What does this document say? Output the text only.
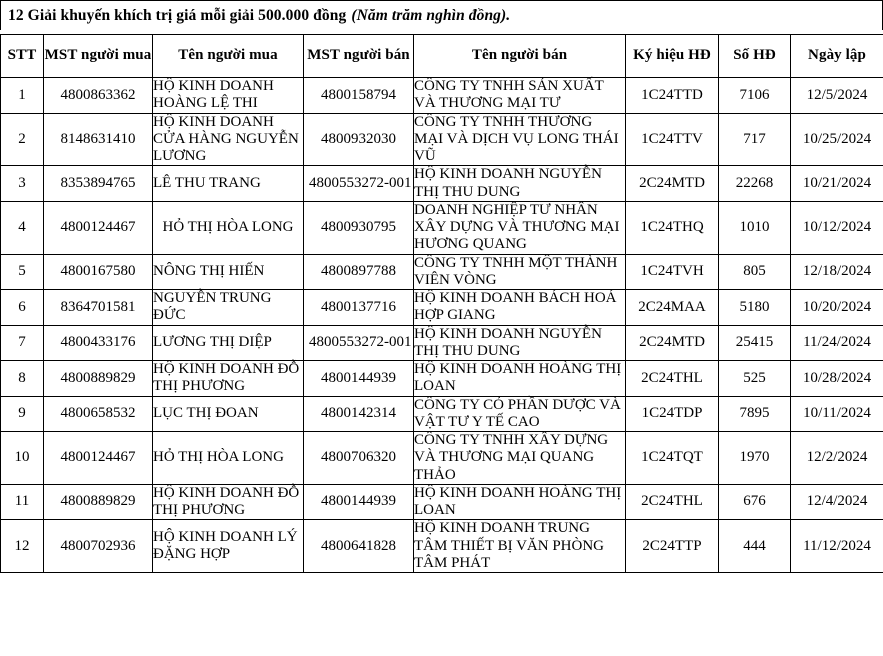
12 Giải khuyến khích trị giá mỗi giải 500.000 đồng (Năm trăm nghìn đồng).
STT	MST người mua	Tên người mua	MST người bán	Tên người bán	Ký hiệu HĐ	Số HĐ	Ngày lập
1	4800863362	HỘ KINH DOANH HOÀNG LỆ THI	4800158794	CÔNG TY TNHH SẢN XUẤT VÀ THƯƠNG MẠI TƯ	1C24TTD	7106	12/5/2024
2	8148631410	HỘ KINH DOANH CỬA HÀNG NGUYỄN LƯƠNG	4800932030	CÔNG TY TNHH THƯƠNG MẠI VÀ DỊCH VỤ LONG THÁI VŨ	1C24TTV	717	10/25/2024
3	8353894765	LÊ THU TRANG	4800553272-001	HỘ KINH DOANH NGUYỄN THỊ THU DUNG	2C24MTD	22268	10/21/2024
4	4800124467	HỎ THỊ HÒA LONG	4800930795	DOANH NGHIỆP TƯ NHÂN XÂY DỰNG VÀ THƯƠNG MẠI HƯƠNG QUANG	1C24THQ	1010	10/12/2024
5	4800167580	NÔNG THỊ HIẾN	4800897788	CÔNG TY TNHH MỘT THÀNH VIÊN VÒNG	1C24TVH	805	12/18/2024
6	8364701581	NGUYỄN TRUNG ĐỨC	4800137716	HỘ KINH DOANH BÁCH HOÁ HỢP GIANG	2C24MAA	5180	10/20/2024
7	4800433176	LƯƠNG THỊ DIỆP	4800553272-001	HỘ KINH DOANH NGUYỄN THỊ THU DUNG	2C24MTD	25415	11/24/2024
8	4800889829	HỘ KINH DOANH ĐỖ THỊ PHƯƠNG	4800144939	HỘ KINH DOANH HOÀNG THỊ LOAN	2C24THL	525	10/28/2024
9	4800658532	LỤC THỊ ĐOAN	4800142314	CÔNG TY CỎ PHẦN DƯỢC VÀ VẬT TƯ Y TẾ CAO	1C24TDP	7895	10/11/2024
10	4800124467	HỎ THỊ HÒA LONG	4800706320	CÔNG TY TNHH XÂY DỰNG VÀ THƯƠNG MẠI QUANG THẢO	1C24TQT	1970	12/2/2024
11	4800889829	HỘ KINH DOANH ĐỖ THỊ PHƯƠNG	4800144939	HỘ KINH DOANH HOÀNG THỊ LOAN	2C24THL	676	12/4/2024
12	4800702936	HỘ KINH DOANH LÝ ĐẶNG HỢP	4800641828	HỘ KINH DOANH TRUNG TÂM THIẾT BỊ VĂN PHÒNG TÂM PHÁT	2C24TTP	444	11/12/2024
